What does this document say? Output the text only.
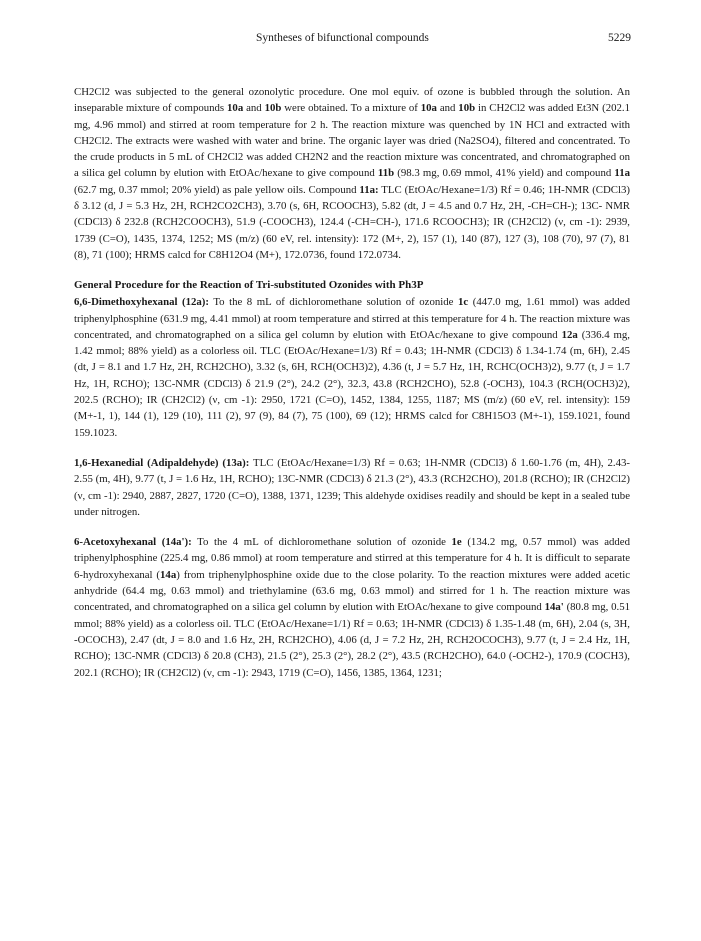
Syntheses of bifunctional compounds	5229

CH2Cl2 was subjected to the general ozonolytic procedure. One mol equiv. of ozone is bubbled through the solution. An inseparable mixture of compounds 10a and 10b were obtained. To a mixture of 10a and 10b in CH2Cl2 was added Et3N (202.1 mg, 4.96 mmol) and stirred at room temperature for 2 h. The reaction mixture was quenched by 1N HCl and extracted with CH2Cl2. The extracts were washed with water and brine. The organic layer was dried (Na2SO4), filtered and concentrated. To the crude products in 5 mL of CH2Cl2 was added CH2N2 and the reaction mixture was concentrated, and chromatographed on a silica gel column by elution with EtOAc/hexane to give compound 11b (98.3 mg, 0.69 mmol, 41% yield) and compound 11a (62.7 mg, 0.37 mmol; 20% yield) as pale yellow oils. Compound 11a: TLC (EtOAc/Hexane=1/3) Rf = 0.46; 1H-NMR (CDCl3) δ 3.12 (d, J = 5.3 Hz, 2H, RCH2CO2CH3), 3.70 (s, 6H, RCOOCH3), 5.82 (dt, J = 4.5 and 0.7 Hz, 2H, -CH=CH-); 13C- NMR (CDCl3) δ 232.8 (RCH2COOCH3), 51.9 (-COOCH3), 124.4 (-CH=CH-), 171.6 RCOOCH3); IR (CH2Cl2) (ν, cm -1): 2939, 1739 (C=O), 1435, 1374, 1252; MS (m/z) (60 eV, rel. intensity): 172 (M+, 2), 157 (1), 140 (87), 127 (3), 108 (70), 97 (7), 81 (8), 71 (100); HRMS calcd for C8H12O4 (M+), 172.0736, found 172.0734.

General Procedure for the Reaction of Tri-substituted Ozonides with Ph3P

6,6-Dimethoxyhexanal (12a): To the 8 mL of dichloromethane solution of ozonide 1c (447.0 mg, 1.61 mmol) was added triphenylphosphine (631.9 mg, 4.41 mmol) at room temperature and stirred at this temperature for 4 h. The reaction mixture was concentrated, and chromatographed on a silica gel column by elution with EtOAc/hexane to give compound 12a (336.4 mg, 1.42 mmol; 88% yield) as a colorless oil. TLC (EtOAc/Hexane=1/3) Rf = 0.43; 1H-NMR (CDCl3) δ 1.34-1.74 (m, 6H), 2.45 (dt, J = 8.1 and 1.7 Hz, 2H, RCH2CHO), 3.32 (s, 6H, RCH(OCH3)2), 4.36 (t, J = 5.7 Hz, 1H, RCHC(OCH3)2), 9.77 (t, J = 1.7 Hz, 1H, RCHO); 13C-NMR (CDCl3) δ 21.9 (2°), 24.2 (2°), 32.3, 43.8 (RCH2CHO), 52.8 (-OCH3), 104.3 (RCH(OCH3)2), 202.5 (RCHO); IR (CH2Cl2) (ν, cm -1): 2950, 1721 (C=O), 1452, 1384, 1255, 1187; MS (m/z) (60 eV, rel. intensity): 159 (M+-1, 1), 144 (1), 129 (10), 111 (2), 97 (9), 84 (7), 75 (100), 69 (12); HRMS calcd for C8H15O3 (M+-1), 159.1021, found 159.1023.

1,6-Hexanedial (Adipaldehyde) (13a): TLC (EtOAc/Hexane=1/3) Rf = 0.63; 1H-NMR (CDCl3) δ 1.60-1.76 (m, 4H), 2.43-2.55 (m, 4H), 9.77 (t, J = 1.6 Hz, 1H, RCHO); 13C-NMR (CDCl3) δ 21.3 (2°), 43.3 (RCH2CHO), 201.8 (RCHO); IR (CH2Cl2) (ν, cm -1): 2940, 2887, 2827, 1720 (C=O), 1388, 1371, 1239; This aldehyde oxidises readily and should be kept in a sealed tube under nitrogen.

6-Acetoxyhexanal (14a'): To the 4 mL of dichloromethane solution of ozonide 1e (134.2 mg, 0.57 mmol) was added triphenylphosphine (225.4 mg, 0.86 mmol) at room temperature and stirred at this temperature for 4 h. It is difficult to separate 6-hydroxyhexanal (14a) from triphenylphosphine oxide due to the close polarity. To the reaction mixtures were added acetic anhydride (64.4 mg, 0.63 mmol) and triethylamine (63.6 mg, 0.63 mmol) and stirred for 1 h. The reaction mixture was concentrated, and chromatographed on a silica gel column by elution with EtOAc/hexane to give compound 14a' (80.8 mg, 0.51 mmol; 88% yield) as a colorless oil. TLC (EtOAc/Hexane=1/1) Rf = 0.63; 1H-NMR (CDCl3) δ 1.35-1.48 (m, 6H), 2.04 (s, 3H, -OCOCH3), 2.47 (dt, J = 8.0 and 1.6 Hz, 2H, RCH2CHO), 4.06 (d, J = 7.2 Hz, 2H, RCH2OCOCH3), 9.77 (t, J = 2.4 Hz, 1H, RCHO); 13C-NMR (CDCl3) δ 20.8 (CH3), 21.5 (2°), 25.3 (2°), 28.2 (2°), 43.5 (RCH2CHO), 64.0 (-OCH2-), 170.9 (COCH3), 202.1 (RCHO); IR (CH2Cl2) (ν, cm -1): 2943, 1719 (C=O), 1456, 1385, 1364, 1231;
